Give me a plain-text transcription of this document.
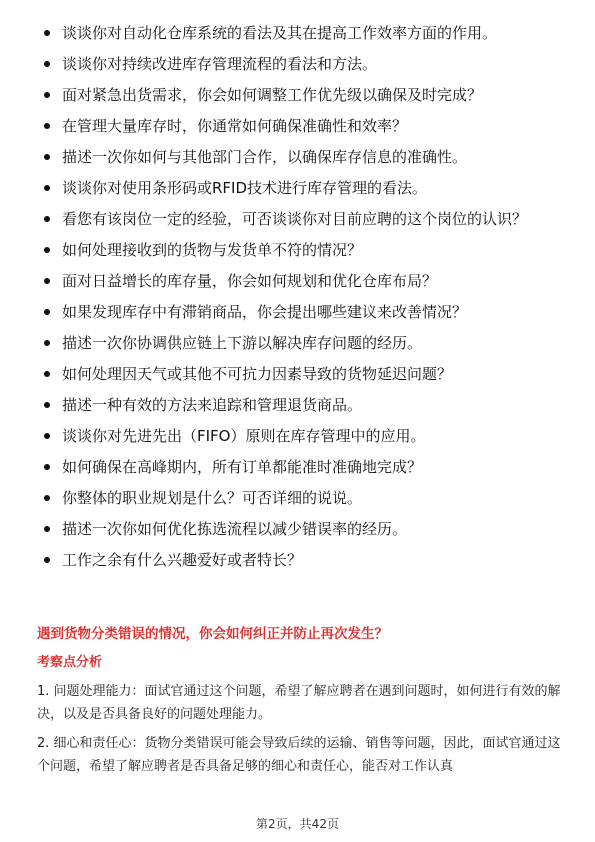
谈谈你对自动化仓库系统的看法及其在提高工作效率方面的作用。
谈谈你对持续改进库存管理流程的看法和方法。
面对紧急出货需求，你会如何调整工作优先级以确保及时完成？
在管理大量库存时，你通常如何确保准确性和效率？
描述一次你如何与其他部门合作，以确保库存信息的准确性。
谈谈你对使用条形码或RFID技术进行库存管理的看法。
看您有该岗位一定的经验，可否谈谈你对目前应聘的这个岗位的认识？
如何处理接收到的货物与发货单不符的情况？
面对日益增长的库存量，你会如何规划和优化仓库布局？
如果发现库存中有滞销商品，你会提出哪些建议来改善情况？
描述一次你协调供应链上下游以解决库存问题的经历。
如何处理因天气或其他不可抗力因素导致的货物延迟问题？
描述一种有效的方法来追踪和管理退货商品。
谈谈你对先进先出（FIFO）原则在库存管理中的应用。
如何确保在高峰期内，所有订单都能准时准确地完成？
你整体的职业规划是什么？可否详细的说说。
描述一次你如何优化拣选流程以减少错误率的经历。
工作之余有什么兴趣爱好或者特长？
遇到货物分类错误的情况，你会如何纠正并防止再次发生？
考察点分析

1. 问题处理能力：面试官通过这个问题，希望了解应聘者在遇到问题时，如何进行有效的解决，以及是否具备良好的问题处理能力。

2. 细心和责任心：货物分类错误可能会导致后续的运输、销售等问题，因此，面试官通过这个问题，希望了解应聘者是否具备足够的细心和责任心，能否对工作认真

第2页，共42页
